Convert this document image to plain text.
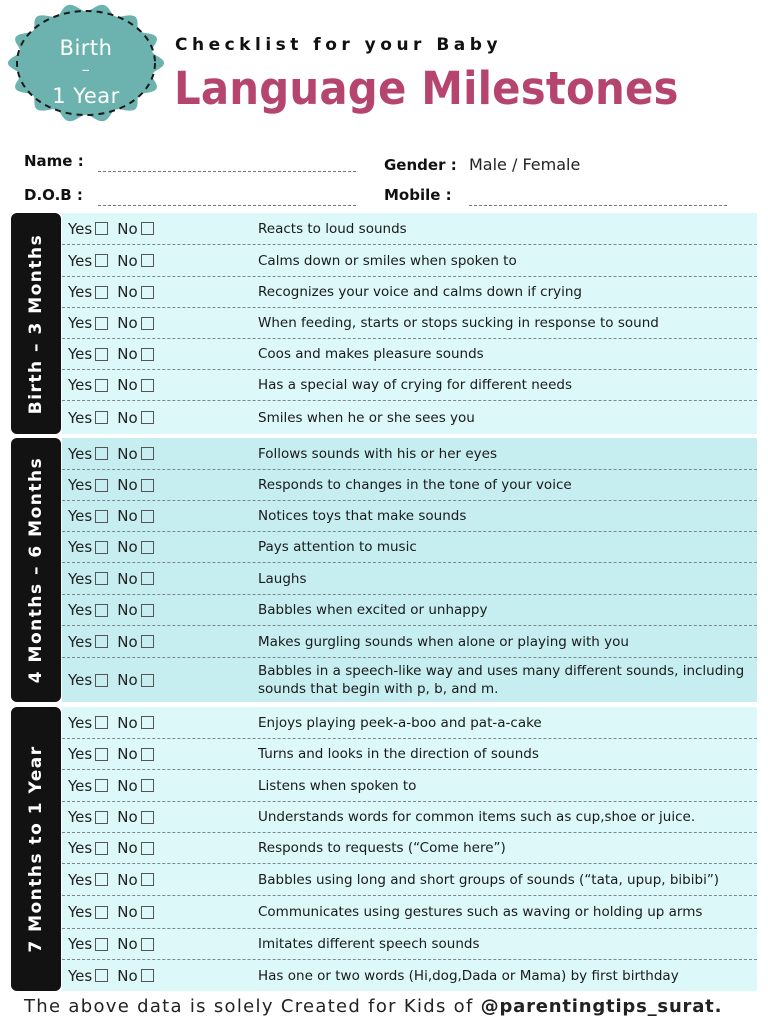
Birth
–
1 Year
Checklist for your Baby
Language Milestones
Name :
D.O.B :
Gender : Male / Female
Mobile :
Birth – 3 Months
Yes No	Reacts to loud sounds
Yes No	Calms down or smiles when spoken to
Yes No	Recognizes your voice and calms down if crying
Yes No	When feeding, starts or stops sucking in response to sound
Yes No	Coos and makes pleasure sounds
Yes No	Has a special way of crying for different needs
Yes No	Smiles when he or she sees you
4 Months – 6 Months
Yes No	Follows sounds with his or her eyes
Yes No	Responds to changes in the tone of your voice
Yes No	Notices toys that make sounds
Yes No	Pays attention to music
Yes No	Laughs
Yes No	Babbles when excited or unhappy
Yes No	Makes gurgling sounds when alone or playing with you
Yes No	Babbles in a speech-like way and uses many different sounds, including sounds that begin with p, b, and m.
7 Months to 1 Year
Yes No	Enjoys playing peek-a-boo and pat-a-cake
Yes No	Turns and looks in the direction of sounds
Yes No	Listens when spoken to
Yes No	Understands words for common items such as cup,shoe or juice.
Yes No	Responds to requests (“Come here”)
Yes No	Babbles using long and short groups of sounds (“tata, upup, bibibi”)
Yes No	Communicates using gestures such as waving or holding up arms
Yes No	Imitates different speech sounds
Yes No	Has one or two words (Hi,dog,Dada or Mama) by first birthday
The above data is solely Created for Kids of @parentingtips_surat.
